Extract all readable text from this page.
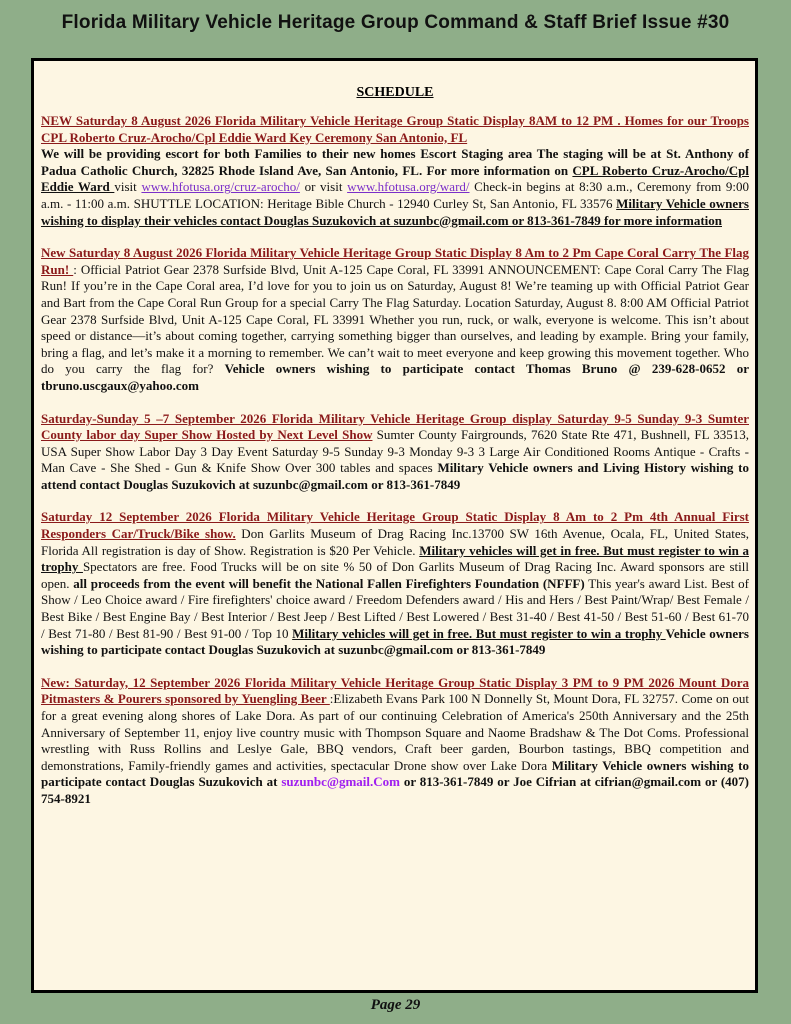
Florida Military Vehicle Heritage Group Command & Staff Brief Issue #30
SCHEDULE
NEW Saturday 8 August 2026 Florida Military Vehicle Heritage Group Static Display 8AM to 12 PM . Homes for our Troops CPL Roberto Cruz-Arocho/Cpl Eddie Ward Key Ceremony San Antonio, FL
We will be providing escort for both Families to their new homes Escort Staging area The staging will be at St. Anthony of Padua Catholic Church, 32825 Rhode Island Ave, San Antonio, FL. For more information on CPL Roberto Cruz-Arocho/Cpl Eddie Ward visit www.hfotusa.org/cruz-arocho/ or visit www.hfotusa.org/ward/ Check-in begins at 8:30 a.m., Ceremony from 9:00 a.m. - 11:00 a.m. SHUTTLE LOCATION: Heritage Bible Church - 12940 Curley St, San Antonio, FL 33576 Military Vehicle owners wishing to display their vehicles contact Douglas Suzukovich at suzunbc@gmail.com or 813-361-7849 for more information
New Saturday 8 August 2026 Florida Military Vehicle Heritage Group Static Display 8 Am to 2 Pm Cape Coral Carry The Flag Run! : Official Patriot Gear 2378 Surfside Blvd, Unit A-125 Cape Coral, FL 33991 ANNOUNCEMENT: Cape Coral Carry The Flag Run! If you’re in the Cape Coral area, I’d love for you to join us on Saturday, August 8! We’re teaming up with Official Patriot Gear and Bart from the Cape Coral Run Group for a special Carry The Flag Saturday. Location Saturday, August 8. 8:00 AM Official Patriot Gear 2378 Surfside Blvd, Unit A-125 Cape Coral, FL 33991 Whether you run, ruck, or walk, everyone is welcome. This isn’t about speed or distance—it’s about coming together, carrying something bigger than ourselves, and leading by example. Bring your family, bring a flag, and let’s make it a morning to remember. We can’t wait to meet everyone and keep growing this movement together. Who do you carry the flag for? Vehicle owners wishing to participate contact Thomas Bruno @ 239-628-0652 or tbruno.uscgaux@yahoo.com
Saturday-Sunday 5 –7 September 2026 Florida Military Vehicle Heritage Group display Saturday 9-5 Sunday 9-3 Sumter County labor day Super Show Hosted by Next Level Show Sumter County Fairgrounds, 7620 State Rte 471, Bushnell, FL 33513, USA Super Show Labor Day 3 Day Event Saturday 9-5 Sunday 9-3 Monday 9-3 3 Large Air Conditioned Rooms Antique - Crafts - Man Cave - She Shed - Gun & Knife Show Over 300 tables and spaces Military Vehicle owners and Living History wishing to attend contact Douglas Suzukovich at suzunbc@gmail.com or 813-361-7849
Saturday 12 September 2026 Florida Military Vehicle Heritage Group Static Display 8 Am to 2 Pm 4th Annual First Responders Car/Truck/Bike show. Don Garlits Museum of Drag Racing Inc.13700 SW 16th Avenue, Ocala, FL, United States, Florida All registration is day of Show. Registration is $20 Per Vehicle. Military vehicles will get in free. But must register to win a trophy Spectators are free. Food Trucks will be on site % 50 of Don Garlits Museum of Drag Racing Inc. Award sponsors are still open. all proceeds from the event will benefit the National Fallen Firefighters Foundation (NFFF) This year's award List. Best of Show / Leo Choice award / Fire firefighters' choice award / Freedom Defenders award / His and Hers / Best Paint/Wrap/ Best Female / Best Bike / Best Engine Bay / Best Interior / Best Jeep / Best Lifted / Best Lowered / Best 31-40 / Best 41-50 / Best 51-60 / Best 61-70 / Best 71-80 / Best 81-90 / Best 91-00 / Top 10 Military vehicles will get in free. But must register to win a trophy Vehicle owners wishing to participate contact Douglas Suzukovich at suzunbc@gmail.com or 813-361-7849
New: Saturday, 12 September 2026 Florida Military Vehicle Heritage Group Static Display 3 PM to 9 PM 2026 Mount Dora Pitmasters & Pourers sponsored by Yuengling Beer :Elizabeth Evans Park 100 N Donnelly St, Mount Dora, FL 32757. Come on out for a great evening along shores of Lake Dora. As part of our continuing Celebration of America's 250th Anniversary and the 25th Anniversary of September 11, enjoy live country music with Thompson Square and Naome Bradshaw & The Dot Coms. Professional wrestling with Russ Rollins and Leslye Gale, BBQ vendors, Craft beer garden, Bourbon tastings, BBQ competition and demonstrations, Family-friendly games and activities, spectacular Drone show over Lake Dora Military Vehicle owners wishing to participate contact Douglas Suzukovich at suzunbc@gmail.Com or 813-361-7849 or Joe Cifrian at cifrian@gmail.com or (407) 754-8921
Page 29
